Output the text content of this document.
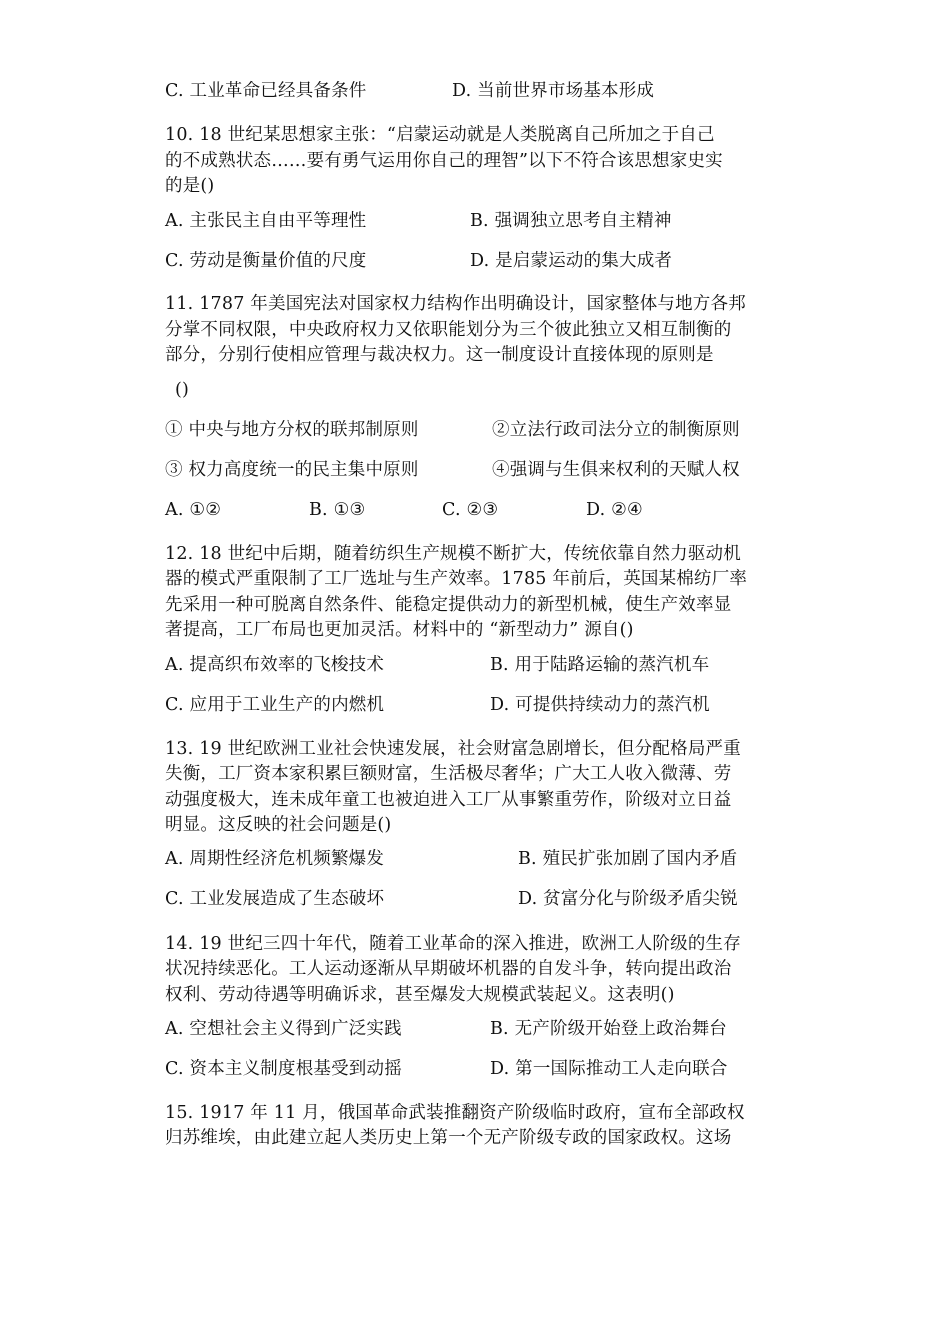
C. 工业革命已经具备条件	D. 当前世界市场基本形成
10. 18 世纪某思想家主张：“启蒙运动就是人类脱离自己所加之于自己
的不成熟状态……要有勇气运用你自己的理智”以下不符合该思想家史实
的是()
A. 主张民主自由平等理性	B. 强调独立思考自主精神
C. 劳动是衡量价值的尺度	D. 是启蒙运动的集大成者
11. 1787 年美国宪法对国家权力结构作出明确设计，国家整体与地方各邦
分掌不同权限，中央政府权力又依职能划分为三个彼此独立又相互制衡的
部分，分别行使相应管理与裁决权力。这一制度设计直接体现的原则是
()
① 中央与地方分权的联邦制原则	②立法行政司法分立的制衡原则
③ 权力高度统一的民主集中原则	④强调与生俱来权利的天赋人权
A. ①②	B. ①③	C. ②③	D. ②④
12. 18 世纪中后期，随着纺织生产规模不断扩大，传统依靠自然力驱动机
器的模式严重限制了工厂选址与生产效率。1785 年前后，英国某棉纺厂率
先采用一种可脱离自然条件、能稳定提供动力的新型机械，使生产效率显
著提高，工厂布局也更加灵活。材料中的 “新型动力” 源自()
A. 提高织布效率的飞梭技术	B. 用于陆路运输的蒸汽机车
C. 应用于工业生产的内燃机	D. 可提供持续动力的蒸汽机
13. 19 世纪欧洲工业社会快速发展，社会财富急剧增长，但分配格局严重
失衡，工厂资本家积累巨额财富，生活极尽奢华；广大工人收入微薄、劳
动强度极大，连未成年童工也被迫进入工厂从事繁重劳作，阶级对立日益
明显。这反映的社会问题是()
A. 周期性经济危机频繁爆发	B. 殖民扩张加剧了国内矛盾
C. 工业发展造成了生态破坏	D. 贫富分化与阶级矛盾尖锐
14. 19 世纪三四十年代，随着工业革命的深入推进，欧洲工人阶级的生存
状况持续恶化。工人运动逐渐从早期破坏机器的自发斗争，转向提出政治
权利、劳动待遇等明确诉求，甚至爆发大规模武装起义。这表明()
A. 空想社会主义得到广泛实践	B. 无产阶级开始登上政治舞台
C. 资本主义制度根基受到动摇	D. 第一国际推动工人走向联合
15. 1917 年 11 月，俄国革命武装推翻资产阶级临时政府，宣布全部政权
归苏维埃，由此建立起人类历史上第一个无产阶级专政的国家政权。这场
